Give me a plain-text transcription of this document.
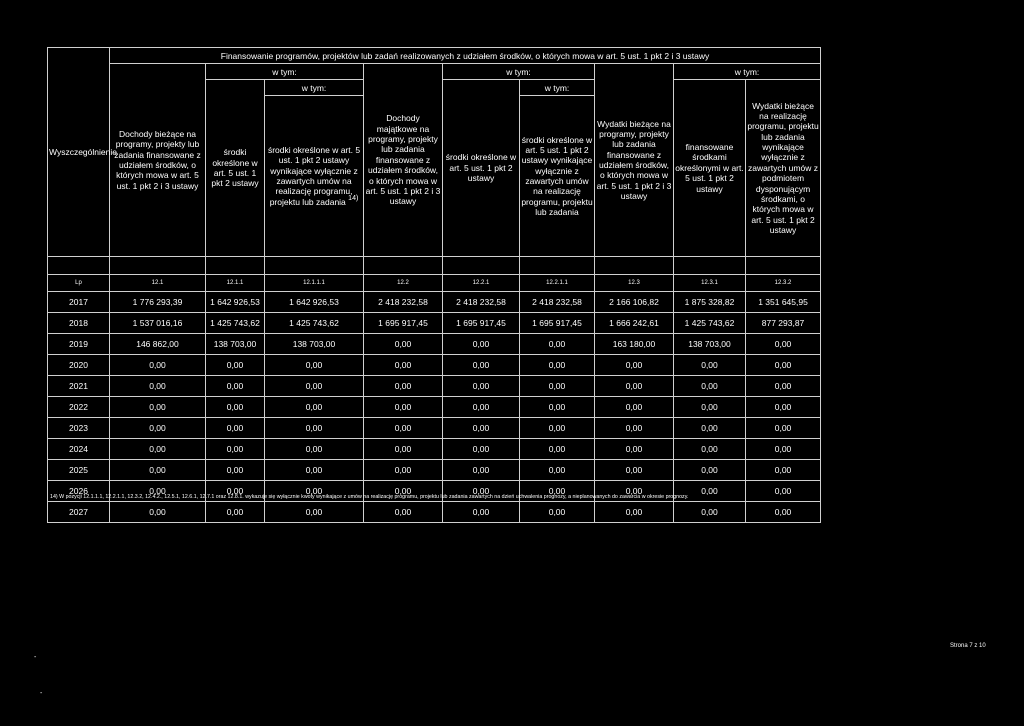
Wyszczególnienie	Finansowanie programów, projektów lub zadań realizowanych z udziałem środków, o których mowa w art. 5 ust. 1 pkt 2 i 3 ustawy								
	Dochody bieżące na programy, projekty lub zadania finansowane z udziałem środków, o których mowa w art. 5 ust. 1 pkt 2 i 3 ustawy	w tym:		Dochody majątkowe na programy, projekty lub zadania finansowane z udziałem środków, o których mowa w art. 5 ust. 1 pkt 2 i 3 ustawy	w tym:		Wydatki bieżące na programy, projekty lub zadania finansowane z udziałem środków, o których mowa w art. 5 ust. 1 pkt 2 i 3 ustawy	w tym:	
		środki określone w art. 5 ust. 1 pkt 2 ustawy	w tym:		środki określone w art. 5 ust. 1 pkt 2 ustawy	w tym:		finansowane środkami określonymi w art. 5 ust. 1 pkt 2 ustawy	Wydatki bieżące na realizację programu, projektu lub zadania wynikające wyłącznie z zawartych umów z podmiotem dysponującym środkami, o których mowa w art. 5 ust. 1 pkt 2 ustawy
			środki określone w art. 5 ust. 1 pkt 2 ustawy wynikające wyłącznie z zawartych umów na realizację programu, projektu lub zadania $^{14)}$			środki określone w art. 5 ust. 1 pkt 2 ustawy wynikające wyłącznie z zawartych umów na realizację programu, projektu lub zadania			

Lp	12.1	12.1.1	12.1.1.1	12.2	12.2.1	12.2.1.1	12.3	12.3.1	12.3.2
2017	1 776 293,39	1 642 926,53	1 642 926,53	2 418 232,58	2 418 232,58	2 418 232,58	2 166 106,82	1 875 328,82	1 351 645,95
2018	1 537 016,16	1 425 743,62	1 425 743,62	1 695 917,45	1 695 917,45	1 695 917,45	1 666 242,61	1 425 743,62	877 293,87
2019	146 862,00	138 703,00	138 703,00	0,00	0,00	0,00	163 180,00	138 703,00	0,00
2020	0,00	0,00	0,00	0,00	0,00	0,00	0,00	0,00	0,00
2021	0,00	0,00	0,00	0,00	0,00	0,00	0,00	0,00	0,00
2022	0,00	0,00	0,00	0,00	0,00	0,00	0,00	0,00	0,00
2023	0,00	0,00	0,00	0,00	0,00	0,00	0,00	0,00	0,00
2024	0,00	0,00	0,00	0,00	0,00	0,00	0,00	0,00	0,00
2025	0,00	0,00	0,00	0,00	0,00	0,00	0,00	0,00	0,00
2026	0,00	0,00	0,00	0,00	0,00	0,00	0,00	0,00	0,00
2027	0,00	0,00	0,00	0,00	0,00	0,00	0,00	0,00	0,00
14) W pozycji 12.1.1.1, 12.2.1.1, 12.3.2, 12.4.2., 12.5.1, 12.6.1, 12.7.1 oraz 12.8.1. wykazuje się wyłącznie kwoty wynikające z umów na realizację programu, projektu lub zadania zawartych na dzień uchwalenia prognozy, a nieplanowanych do zawarcia w okresie prognozy.
Strona 7 z 10
-
-
